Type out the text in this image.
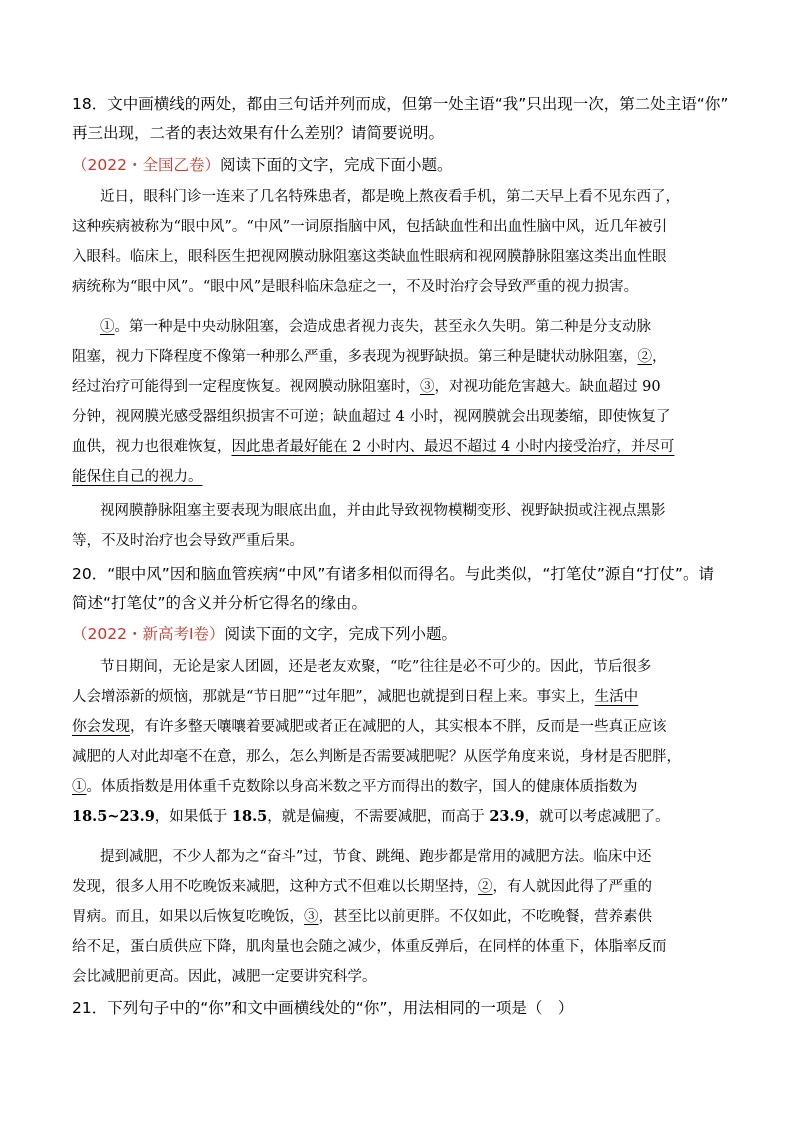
18．文中画横线的两处，都由三句话并列而成，但第一处主语“我”只出现一次，第二处主语“你”
再三出现，二者的表达效果有什么差别？请简要说明。
（2022・全国乙卷）阅读下面的文字，完成下面小题。
近日，眼科门诊一连来了几名特殊患者，都是晚上熬夜看手机，第二天早上看不见东西了，
这种疾病被称为“眼中风”。“中风”一词原指脑中风，包括缺血性和出血性脑中风，近几年被引
入眼科。临床上，眼科医生把视网膜动脉阻塞这类缺血性眼病和视网膜静脉阻塞这类出血性眼
病统称为“眼中风”。“眼中风”是眼科临床急症之一，不及时治疗会导致严重的视力损害。
①。第一种是中央动脉阻塞，会造成患者视力丧失，甚至永久失明。第二种是分支动脉
阻塞，视力下降程度不像第一种那么严重，多表现为视野缺损。第三种是睫状动脉阻塞，②，
经过治疗可能得到一定程度恢复。视网膜动脉阻塞时，③，对视功能危害越大。缺血超过 90
分钟，视网膜光感受器组织损害不可逆；缺血超过 4 小时，视网膜就会出现萎缩，即使恢复了
血供，视力也很难恢复，因此患者最好能在 2 小时内、最迟不超过 4 小时内接受治疗，并尽可
能保住自己的视力。
视网膜静脉阻塞主要表现为眼底出血，并由此导致视物模糊变形、视野缺损或注视点黑影
等，不及时治疗也会导致严重后果。
20．“眼中风”因和脑血管疾病“中风”有诸多相似而得名。与此类似，“打笔仗”源自“打仗”。请
简述“打笔仗”的含义并分析它得名的缘由。
（2022・新高考Ⅰ卷）阅读下面的文字，完成下列小题。
节日期间，无论是家人团圆，还是老友欢聚，“吃”往往是必不可少的。因此，节后很多
人会增添新的烦恼，那就是“节日肥”“过年肥”，减肥也就提到日程上来。事实上，生活中
你会发现，有许多整天嚷嚷着要减肥或者正在减肥的人，其实根本不胖，反而是一些真正应该
减肥的人对此却毫不在意，那么，怎么判断是否需要减肥呢？从医学角度来说，身材是否肥胖，
①。体质指数是用体重千克数除以身高米数之平方而得出的数字，国人的健康体质指数为
18.5~23.9，如果低于 18.5，就是偏瘦，不需要减肥，而高于 23.9，就可以考虑减肥了。
提到减肥，不少人都为之“奋斗”过，节食、跳绳、跑步都是常用的减肥方法。临床中还
发现，很多人用不吃晚饭来减肥，这种方式不但难以长期坚持，②，有人就因此得了严重的
胃病。而且，如果以后恢复吃晚饭，③，甚至比以前更胖。不仅如此，不吃晚餐，营养素供
给不足，蛋白质供应下降，肌肉量也会随之减少，体重反弹后，在同样的体重下，体脂率反而
会比减肥前更高。因此，减肥一定要讲究科学。
21．下列句子中的“你”和文中画横线处的“你”，用法相同的一项是（　）
